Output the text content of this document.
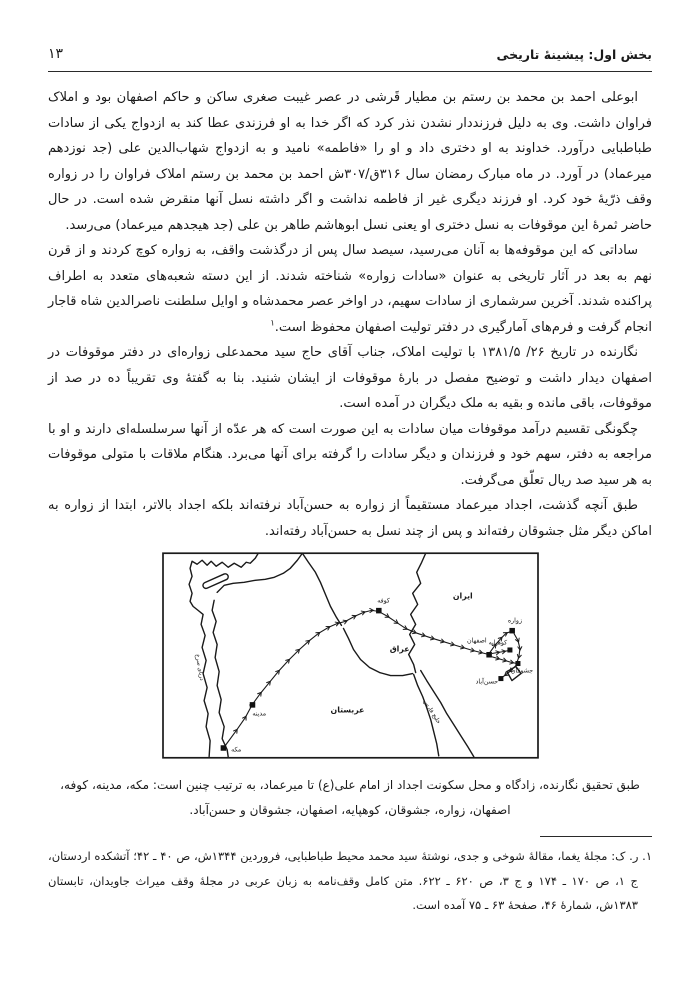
بخش اول: پیشینهٔ تاریخی
۱۳

ابوعلی احمد بن محمد بن رستم بن مطیار قَرشی در عصر غیبت صغری ساکن و حاکم اصفهان بود و املاک فراوان داشت. وی به دلیل فرزنددار نشدن نذر کرد که اگر خدا به او فرزندی عطا کند به ازدواج یکی از سادات طباطبایی درآورد. خداوند به او دختری داد و او را «فاطمه» نامید و به ازدواج شهاب‌الدین علی (جد نوزدهم میرعماد) در آورد. در ماه مبارک رمضان سال ۳۱۶ق/۳۰۷ش احمد بن محمد بن رستم املاک فراوان را در زواره وقف ذرّیهٔ خود کرد. او فرزند دیگری غیر از فاطمه نداشت و اگر داشته نسل آنها منقرض شده است. در حال حاضر ثمرهٔ این موقوفات به نسل دختری او یعنی نسل ابوهاشم طاهر بن علی (جد هیجدهم میرعماد) می‌رسد.

ساداتی که این موقوفه‌ها به آنان می‌رسید، سیصد سال پس از درگذشت واقف، به زواره کوچ کردند و از قرن نهم به بعد در آثار تاریخی به عنوان «سادات زواره» شناخته شدند. از این دسته شعبه‌های متعدد به اطراف پراکنده شدند. آخرین سرشماری از سادات سهیم، در اواخر عصر محمدشاه و اوایل سلطنت ناصرالدین شاه قاجار انجام گرفت و فرم‌های آمارگیری در دفتر تولیت اصفهان محفوظ است.$^۱$

نگارنده در تاریخ ۲۶/ ۱۳۸۱/۵ با تولیت املاک، جناب آقای حاج سید محمدعلی زواره‌ای در دفتر موقوفات در اصفهان دیدار داشت و توضیح مفصل در بارهٔ موقوفات از ایشان شنید. بنا به گفتهٔ وی تقریباً ده در صد از موقوفات، باقی مانده و بقیه به ملک دیگران در آمده است.

چگونگی تقسیم درآمد موقوفات میان سادات به این صورت است که هر عدّه از آنها سرسلسله‌ای دارند و او با مراجعه به دفتر، سهم خود و فرزندان و دیگر سادات را گرفته برای آنها می‌برد. هنگام ملاقات با متولی موقوفات به هر سید صد ریال تعلّق می‌گرفت.

طبق آنچه گذشت، اجداد میرعماد مستقیماً از زواره به حسن‌آباد نرفته‌اند بلکه اجداد بالاتر، ابتدا از زواره به اماکن دیگر مثل جشوقان رفته‌اند و پس از چند نسل به حسن‌آباد رفته‌اند.

مکه
مدینه
کوفه
اصفهان
زواره
کوهپایه
جشوقان
حسن‌آباد
ایران
عراق
عربستان
دریای سرخ
خلیج فارس
طبق تحقیق نگارنده، زادگاه و محل سکونت اجداد از امام علی(ع) تا میرعماد، به ترتیب چنین است: مکه، مدینه، کوفه،
اصفهان، زواره، جشوقان، کوهپایه، اصفهان، جشوقان و حسن‌آباد.

۱. ر. ک: مجلهٔ یغما، مقالهٔ شوخی و جدی، نوشتهٔ سید محمد محیط طباطبایی، فروردین ۱۳۴۴ش، ص ۴۰ ـ ۴۲؛ آتشکده اردستان، ج ۱، ص ۱۷۰ ـ ۱۷۴ و ج ۳، ص ۶۲۰ ـ ۶۲۲. متن کامل وقف‌نامه به زبان عربی در مجلهٔ وقف میراث جاویدان، تابستان ۱۳۸۳ش، شمارهٔ ۴۶، صفحهٔ ۶۳ ـ ۷۵ آمده است.
